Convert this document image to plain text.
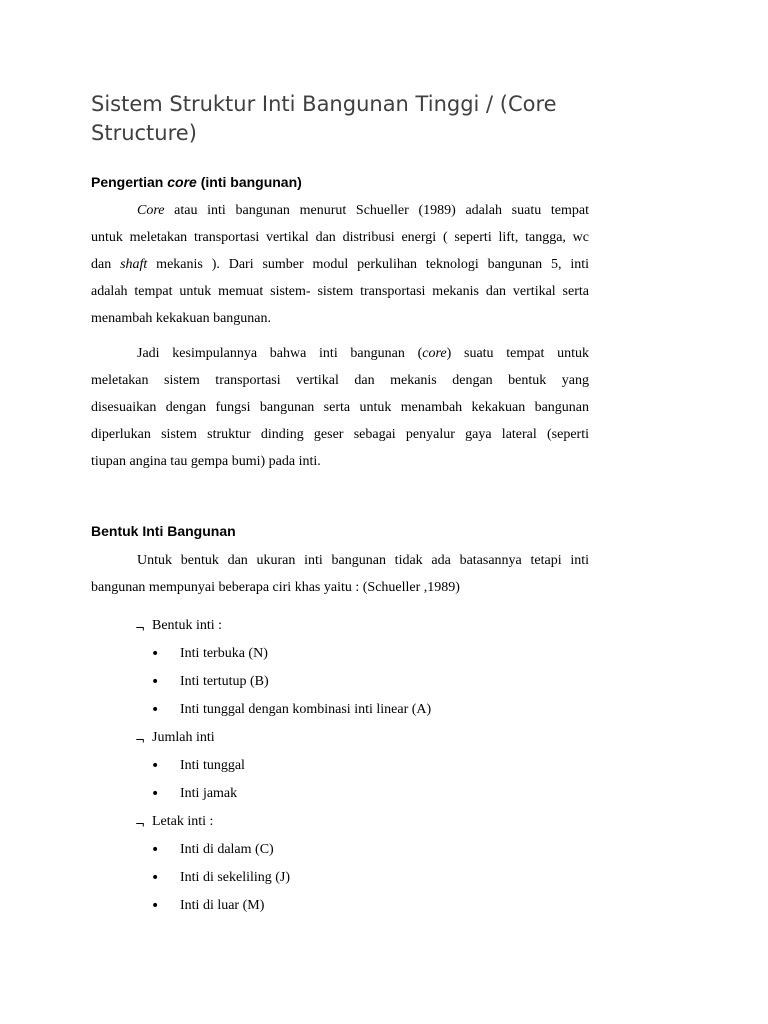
Sistem Struktur Inti Bangunan Tinggi / (Core Structure)
Pengertian core (inti bangunan)
Core atau inti bangunan menurut Schueller (1989) adalah suatu tempat
untuk meletakan transportasi vertikal dan distribusi energi ( seperti lift, tangga, wc
dan shaft mekanis ). Dari sumber modul perkulihan teknologi bangunan 5, inti
adalah tempat untuk memuat sistem- sistem transportasi mekanis dan vertikal serta
menambah kekakuan bangunan.
Jadi kesimpulannya bahwa inti bangunan (core) suatu tempat untuk
meletakan sistem transportasi vertikal dan mekanis dengan bentuk yang
disesuaikan dengan fungsi bangunan serta untuk menambah kekakuan bangunan
diperlukan sistem struktur dinding geser sebagai penyalur gaya lateral (seperti
tiupan angina tau gempa bumi) pada inti.
Bentuk Inti Bangunan
Untuk bentuk dan ukuran inti bangunan tidak ada batasannya tetapi inti
bangunan mempunyai beberapa ciri khas yaitu : (Schueller ,1989)
¬ Bentuk inti :
• Inti terbuka (N)
• Inti tertutup (B)
• Inti tunggal dengan kombinasi inti linear (A)
¬ Jumlah inti
• Inti tunggal
• Inti jamak
¬ Letak inti :
• Inti di dalam (C)
• Inti di sekeliling (J)
• Inti di luar (M)
